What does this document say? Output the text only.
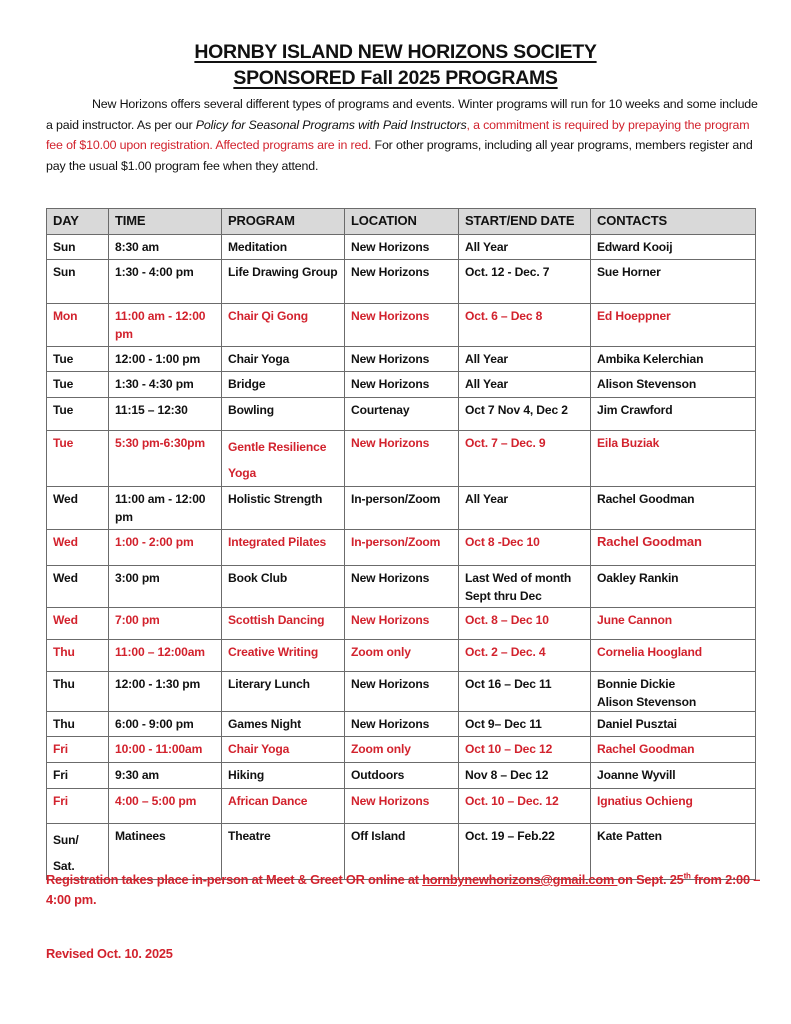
HORNBY ISLAND NEW HORIZONS SOCIETY
SPONSORED Fall 2025 PROGRAMS
New Horizons offers several different types of programs and events. Winter programs will run for 10 weeks and some include a paid instructor. As per our Policy for Seasonal Programs with Paid Instructors, a commitment is required by prepaying the program fee of $10.00 upon registration. Affected programs are in red. For other programs, including all year programs, members register and pay the usual $1.00 program fee when they attend.
DAY	TIME	PROGRAM	LOCATION	START/END DATE	CONTACTS
Sun	8:30 am	Meditation	New Horizons	All Year	Edward Kooij
Sun	1:30 - 4:00 pm	Life Drawing Group	New Horizons	Oct. 12 - Dec. 7	Sue Horner
Mon	11:00 am - 12:00 pm	Chair Qi Gong	New Horizons	Oct. 6 – Dec 8	Ed Hoeppner
Tue	12:00 - 1:00 pm	Chair Yoga	New Horizons	All Year	Ambika Kelerchian
Tue	1:30 - 4:30 pm	Bridge	New Horizons	All Year	Alison Stevenson
Tue	11:15 – 12:30	Bowling	Courtenay	Oct 7 Nov 4, Dec 2	Jim Crawford
Tue	5:30 pm-6:30pm	Gentle Resilience Yoga	New Horizons	Oct. 7 – Dec. 9	Eila Buziak
Wed	11:00 am - 12:00 pm	Holistic Strength	In-person/Zoom	All Year	Rachel Goodman
Wed	1:00 - 2:00 pm	Integrated Pilates	In-person/Zoom	Oct 8 -Dec 10	Rachel Goodman
Wed	3:00 pm	Book Club	New Horizons	Last Wed of month Sept thru Dec	Oakley Rankin
Wed	7:00 pm	Scottish Dancing	New Horizons	Oct. 8 – Dec 10	June Cannon
Thu	11:00 – 12:00am	Creative Writing	Zoom only	Oct. 2 – Dec. 4	Cornelia Hoogland
Thu	12:00 - 1:30 pm	Literary Lunch	New Horizons	Oct 16 – Dec 11	Bonnie Dickie
Alison Stevenson

Thu	6:00 - 9:00 pm	Games Night	New Horizons	Oct 9– Dec 11	Daniel Pusztai
Fri	10:00 - 11:00am	Chair Yoga	Zoom only	Oct 10 – Dec 12	Rachel Goodman
Fri	9:30 am	Hiking	Outdoors	Nov 8 – Dec 12	Joanne Wyvill
Fri	4:00 – 5:00 pm	African Dance	New Horizons	Oct. 10 – Dec. 12	Ignatius Ochieng

Sun/
Sat.	Matinees	Theatre	Off Island	Oct. 19 – Feb.22	Kate Patten
Registration takes place in-person at Meet & Greet OR online at hornbynewhorizons@gmail.com on Sept. 25th from 2:00 – 4:00 pm.
Revised Oct. 10. 2025
